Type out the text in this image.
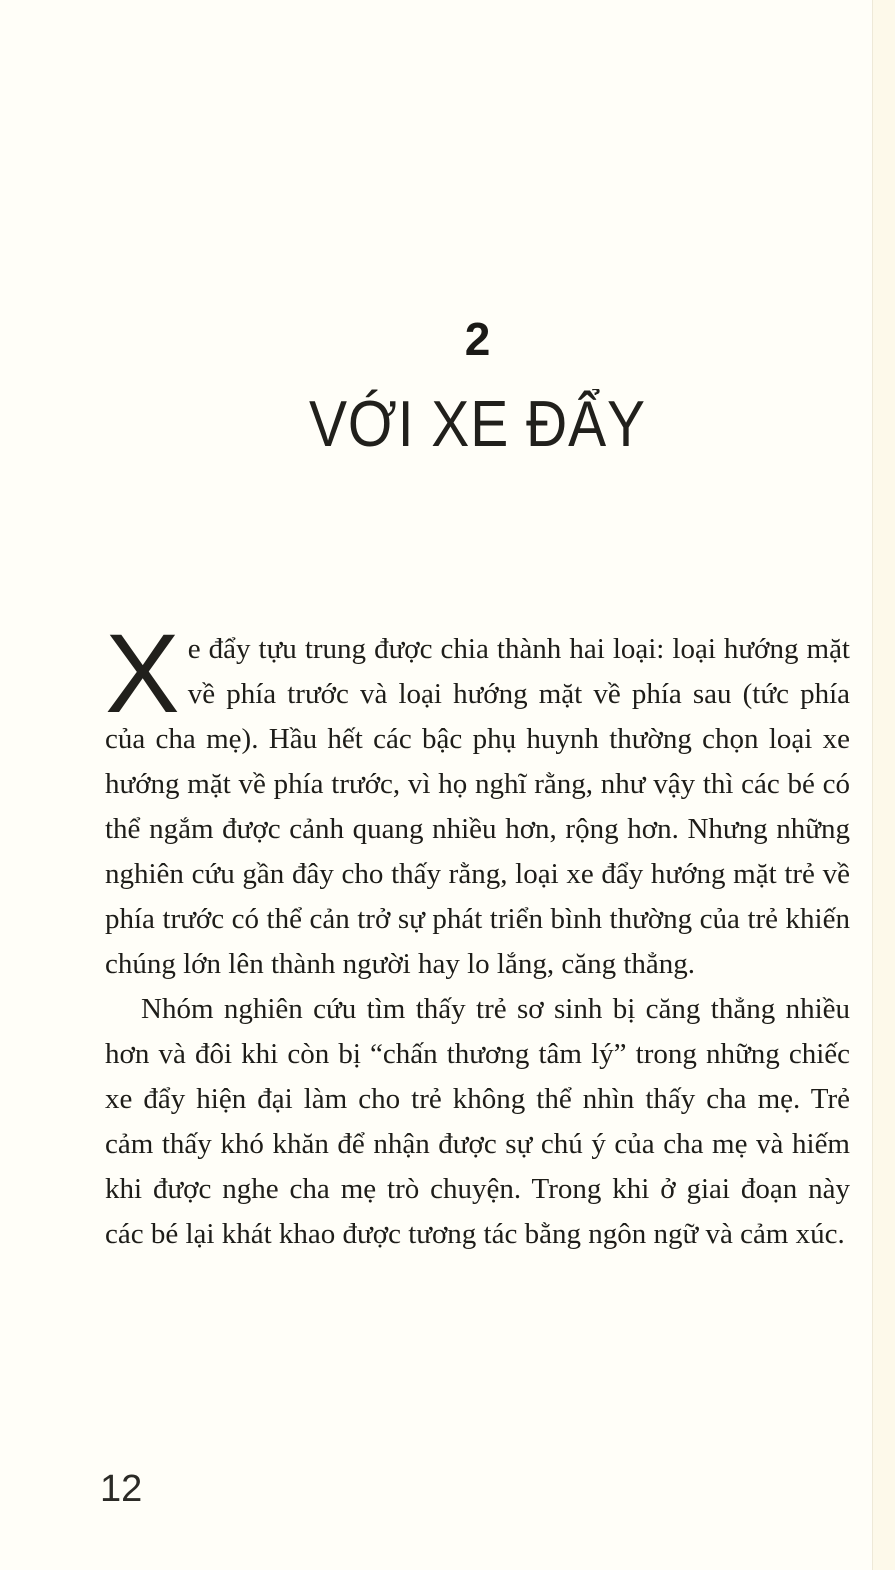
2
VỚI XE ĐẨY

Xe đẩy tựu trung được chia thành hai loại: loại hướng mặt về phía trước và loại hướng mặt về phía sau (tức phía của cha mẹ). Hầu hết các bậc phụ huynh thường chọn loại xe hướng mặt về phía trước, vì họ nghĩ rằng, như vậy thì các bé có thể ngắm được cảnh quang nhiều hơn, rộng hơn. Nhưng những nghiên cứu gần đây cho thấy rằng, loại xe đẩy hướng mặt trẻ về phía trước có thể cản trở sự phát triển bình thường của trẻ khiến chúng lớn lên thành người hay lo lắng, căng thẳng.

Nhóm nghiên cứu tìm thấy trẻ sơ sinh bị căng thẳng nhiều hơn và đôi khi còn bị “chấn thương tâm lý” trong những chiếc xe đẩy hiện đại làm cho trẻ không thể nhìn thấy cha mẹ. Trẻ cảm thấy khó khăn để nhận được sự chú ý của cha mẹ và hiếm khi được nghe cha mẹ trò chuyện. Trong khi ở giai đoạn này các bé lại khát khao được tương tác bằng ngôn ngữ và cảm xúc.

12
